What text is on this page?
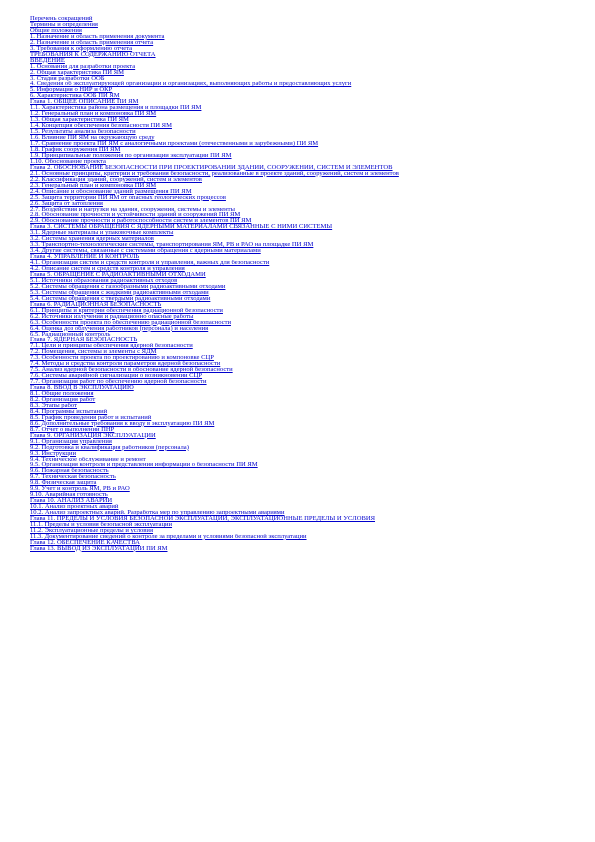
Перечень сокращений
Термины и определения
Общие положения
1. Назначение и область применения документа
2. Назначение и область применения отчета
3. Требования к оформлению отчета
ТРЕБОВАНИЯ К СОДЕРЖАНИЮ ОТЧЕТА
ВВЕДЕНИЕ
1. Основания для разработки проекта
2. Общая характеристика ПИ ЯМ
3. Стадия разработки ООБ
4. Сведения об эксплуатирующей организации и организациях, выполняющих работы и предоставляющих услуги
5. Информация о НИР и ОКР
6. Характеристика ООБ ПИ ЯМ
Глава 1. ОБЩЕЕ ОПИСАНИЕ ПИ ЯМ
1.1. Характеристика района размещения и площадки ПИ ЯМ
1.2. Генеральный план и компоновка ПИ ЯМ
1.3. Общая характеристика ПИ ЯМ
1.4. Концепция обеспечения безопасности ПИ ЯМ
1.5. Результаты анализа безопасности
1.6. Влияние ПИ ЯМ на окружающую среду
1.7. Сравнение проекта ПИ ЯМ с аналогичными проектами (отечественными и зарубежными) ПИ ЯМ
1.8. График сооружения ПИ ЯМ
1.9. Принципиальные положения по организации эксплуатации ПИ ЯМ
1.10. Обоснование проекта
Глава 2. ОБОСНОВАНИЕ БЕЗОПАСНОСТИ ПРИ ПРОЕКТИРОВАНИИ ЗДАНИЙ, СООРУЖЕНИЙ, СИСТЕМ И ЭЛЕМЕНТОВ
2.1. Основные принципы, критерии и требования безопасности, реализованные в проекте зданий, сооружений, систем и элементов
2.2. Классификация зданий, сооружений, систем и элементов
2.3. Генеральный план и компоновка ПИ ЯМ
2.4. Описание и обоснование зданий размещения ПИ ЯМ
2.5. Защита территории ПИ ЯМ от опасных геологических процессов
2.6. Защита от затопления
2.7. Воздействия и нагрузки на здания, сооружения, системы и элементы
2.8. Обоснование прочности и устойчивости зданий и сооружений ПИ ЯМ
2.9. Обоснование прочности и работоспособности систем и элементов ПИ ЯМ
Глава 3. СИСТЕМЫ ОБРАЩЕНИЯ С ЯДЕРНЫМИ МАТЕРИАЛАМИ СВЯЗАННЫЕ С НИМИ СИСТЕМЫ
3.1. Ядерные материалы и упаковочные комплекты
3.2. Системы хранения ядерных материалов
3.3. Транспортно-технологические системы, транспортирования ЯМ, РВ и РАО на площадке ПИ ЯМ
3.4. Другие системы, связанные с системами обращения с ядерными материалами
Глава 4. УПРАВЛЕНИЕ И КОНТРОЛЬ
4.1. Организация систем и средств контроля и управления, важных для безопасности
4.2. Описание систем и средств контроля и управления
Глава 5. ОБРАЩЕНИЕ С РАДИОАКТИВНЫМИ ОТХОДАМИ
5.1. Источники образования радиоактивных отходов
5.2. Системы обращения с газообразными радиоактивными отходами
5.3. Системы обращения с жидкими радиоактивными отходами
5.4. Системы обращения с твердыми радиоактивными отходами
Глава 6. РАДИАЦИОННАЯ БЕЗОПАСНОСТЬ
6.1. Принципы и критерии обеспечения радиационной безопасности
6.2. Источники излучения и радиационно опасные работы
6.3. Особенности проекта по обеспечению радиационной безопасности
6.4. Оценка доз облучения работников (персонала) и населения
6.5. Радиационный контроль
Глава 7. ЯДЕРНАЯ БЕЗОПАСНОСТЬ
7.1. Цели и принципы обеспечения ядерной безопасности
7.2. Помещения, системы и элементы с ЯДМ
7.3. Особенности проекта по проектированию и компоновке СЦР
7.4. Методы и средства контроля параметров ядерной безопасности
7.5. Анализ ядерной безопасности в обоснование ядерной безопасности
7.6. Системы аварийной сигнализации о возникновении СЦР
7.7. Организация работ по обеспечению ядерной безопасности
Глава 8. ВВОД В ЭКСПЛУАТАЦИЮ
8.1. Общие положения
8.2. Организация работ
8.3. Этапы работ
8.4. Программы испытаний
8.5. График проведения работ и испытаний
8.6. Дополнительные требования к вводу в эксплуатацию ПИ ЯМ
8.7. Отчет о выполнении ПНР
Глава 9. ОРГАНИЗАЦИЯ ЭКСПЛУАТАЦИИ
9.1. Организация управления
9.2. Подготовка и квалификация работников (персонала)
9.3. Инструкции
9.4. Техническое обслуживание и ремонт
9.5. Организация контроля и представления информации о безопасности ПИ ЯМ
9.6. Пожарная безопасность
9.7. Техническая безопасность
9.8. Физическая защита
9.9. Учет и контроль ЯМ, РВ и РАО
9.10. Аварийная готовность
Глава 10. АНАЛИЗ АВАРИЙ
10.1. Анализ проектных аварий
10.2. Анализ запроектных аварий. Разработка мер по управлению запроектными авариями
Глава 11. ПРЕДЕЛЫ И УСЛОВИЯ БЕЗОПАСНОЙ ЭКСПЛУАТАЦИИ, ЭКСПЛУАТАЦИОННЫЕ ПРЕДЕЛЫ И УСЛОВИЯ
11.1. Пределы и условия безопасной эксплуатации
11.2. Эксплуатационные пределы и условия
11.3. Документирование сведений о контроле за пределами и условиями безопасной эксплуатации
Глава 12. ОБЕСПЕЧЕНИЕ КАЧЕСТВА
Глава 13. ВЫВОД ИЗ ЭКСПЛУАТАЦИИ ПИ ЯМ
